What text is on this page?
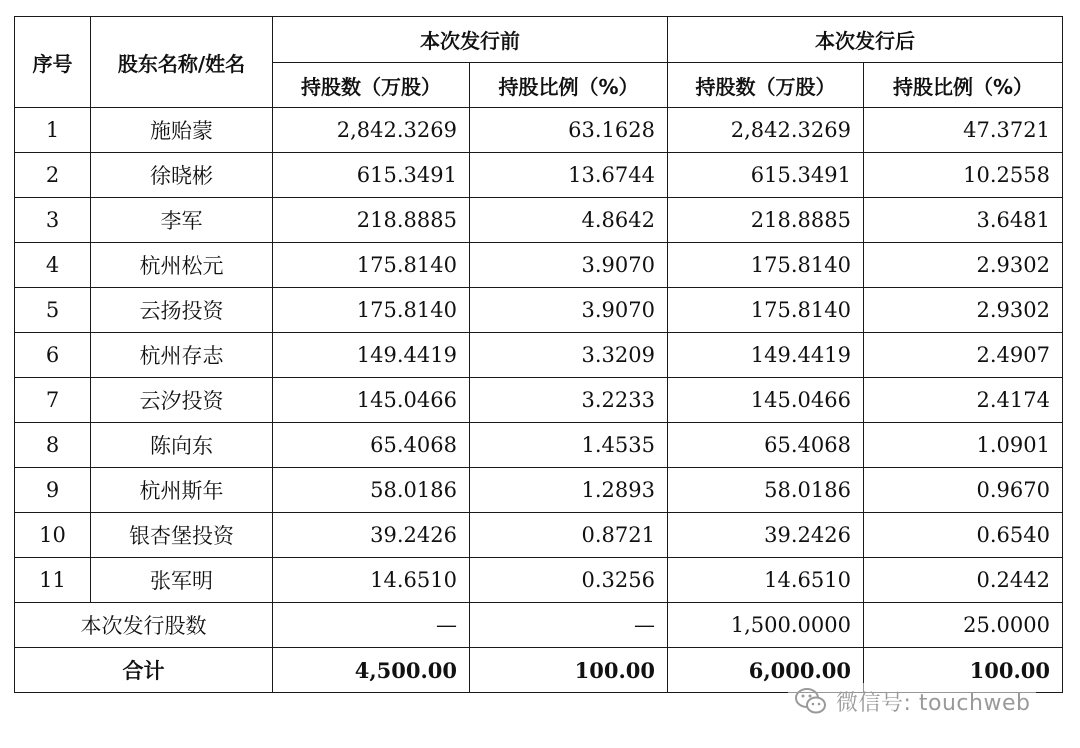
序号	股东名称/姓名	本次发行前		本次发行后	
		持股数（万股）	持股比例（%）	持股数（万股）	持股比例（%）
1	施贻蒙	2,842.3269	63.1628	2,842.3269	47.3721
2	徐晓彬	615.3491	13.6744	615.3491	10.2558
3	李军	218.8885	4.8642	218.8885	3.6481
4	杭州松元	175.8140	3.9070	175.8140	2.9302
5	云扬投资	175.8140	3.9070	175.8140	2.9302
6	杭州存志	149.4419	3.3209	149.4419	2.4907
7	云汐投资	145.0466	3.2233	145.0466	2.4174
8	陈向东	65.4068	1.4535	65.4068	1.0901
9	杭州斯年	58.0186	1.2893	58.0186	0.9670
10	银杏堡投资	39.2426	0.8721	39.2426	0.6540
11	张军明	14.6510	0.3256	14.6510	0.2442
本次发行股数		—	—	1,500.0000	25.0000
合计		4,500.00	100.00	6,000.00	100.00
微信号: touchweb
